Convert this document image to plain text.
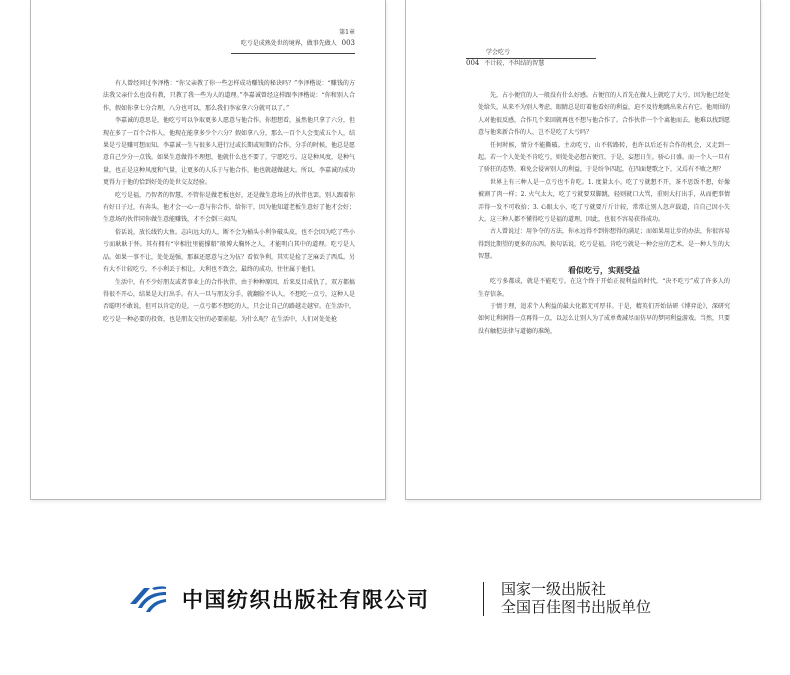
第1章
吃亏是成熟处世的境界，做事先做人 003

有人曾经问过李泽楷：“你父亲教了你一些怎样成功赚钱的秘诀吗？”李泽楷说：“赚钱的方法我父亲什么也没有教，只教了我一些为人的道理。”李嘉诚曾经这样跟李泽楷说：“你和别人合作，假如你拿七分合理，八分也可以，那么我们李家拿六分就可以了。”

李嘉诚的意思是，他吃亏可以争取更多人愿意与他合作。你想想看，虽然他只拿了六分，但现在多了一百个合作人，他现在能拿多少个六分？假如拿八分，那么一百个人会变成五个人，结果是亏是赚可想而知。李嘉诚一生与很多人进行过或长期或短期的合作，分手的时候，他总是愿意自己少分一点钱。如果生意做得不理想，他就什么也不要了，宁愿吃亏。这是种风度，是种气量，也正是这种风度和气量，让更多的人乐于与他合作，他也就越做越大。所以，李嘉诚的成功更得力于他的恰到好处的处世交友经验。

吃亏是福，乃智者的智慧。不管你是做老板也好，还是做生意场上的伙伴也罢，别人跟着你有好日子过，有奔头，他才会一心一意与你合作，给你干，因为他知道老板生意好了他才会好；生意场的伙伴同你做生意能赚钱，才不会倒三卖四。

俗话说，放长线钓大鱼。志向远大的人，断不会为桶头小利争破头皮，也不会因为吃了些小亏而耿耿于怀。其有拥有“宰相肚里能撑船”般博大胸怀之人，才能明白其中的道理。吃亏是人品。如果一事不让，处处逞强，那谁还愿意与之为伍？看似争利，其实是捡了芝麻丢了西瓜。另有大不计较吃亏，不小利丢于相让，大利也不致会，最终的成功，往往属于他们。

生活中，有不少好朋友或者事业上的合作伙伴，由于种种原因，后来反目成仇了，双方都搞得很不开心，结果是大打出手。有人一旦与朋友分手，就翻脸不认人，不想吃一点亏，这种人是否聪明不敢说，但可以肯定的是，一点亏都不想吃的人，只会让自己的路越走越窄。在生活中，吃亏是一种必要的投资，也是朋友交往的必要前提。为什么呢？在生活中，人们对处处抢

学会吃亏
004 不计较，不纠结的智慧

先，占小便宜的人一般没有什么好感。占便宜的人首先在做人上就吃了大亏，因为他已经处处给失，从来不为别人考虑，眼睛总是盯着他看好的利益，迫不及待地跳出来占有它。他周围的人对他很反感，合作几个来回就再也不想与他合作了。合作伙伴一个个离他而去，他难以找到愿意与他来新合作的人，岂不是吃了大亏吗？

任何时候，情分不能撕破。主动吃亏，山不转路转，也许以后还有合作的机会，又走到一起。若一个人处处不肯吃亏，则处处必想占便宜，于是，妄想日生，骄心日盛。而一个人一旦有了骄狂的态势，难免会侵害别人的利益，于是纷争四起，在四面楚歌之下，又焉有不败之理？

世界上有三种人是一点亏也不肯吃。1. 度量太小，吃了亏就想不开，茶不思饭不想，好像被割了肉一样；2. 火气太大，吃了亏就要双脚跳，轻则就口大骂，重则大打出手，从而把事情弄得一发不可收拾；3. 心眼太小，吃了亏就要斤斤计较，常常让别人忽声载道，自自己因小失大。这三种人都不懂得吃亏是福的道理，因此，也很不容易获得成功。

古人曾说过：用争夺的方法，你永远得不到你想得的满足；而如果用让步的办法，你很容易得到比期望的更多的东西。换句话说，吃亏是福，肯吃亏就是一种会应的艺术，是一种人生的大智慧。

看似吃亏，实则受益

吃亏多都成，就是不能吃亏。在这个终于开始正视利益的时代，“决不吃亏”成了许多人的生存信条。

于情于理，追求个人利益的最大化都无可厚非。于是，精英们开始钻研《博弈论》，深研究如何让利润得一点再得一点，以怎么让别人为了成单费减尽而仿早的梦同利益游戏。当然，只要没有触犯法律与道德的准绳，

中国纺织出版社有限公司	国家一级出版社
全国百佳图书出版单位
